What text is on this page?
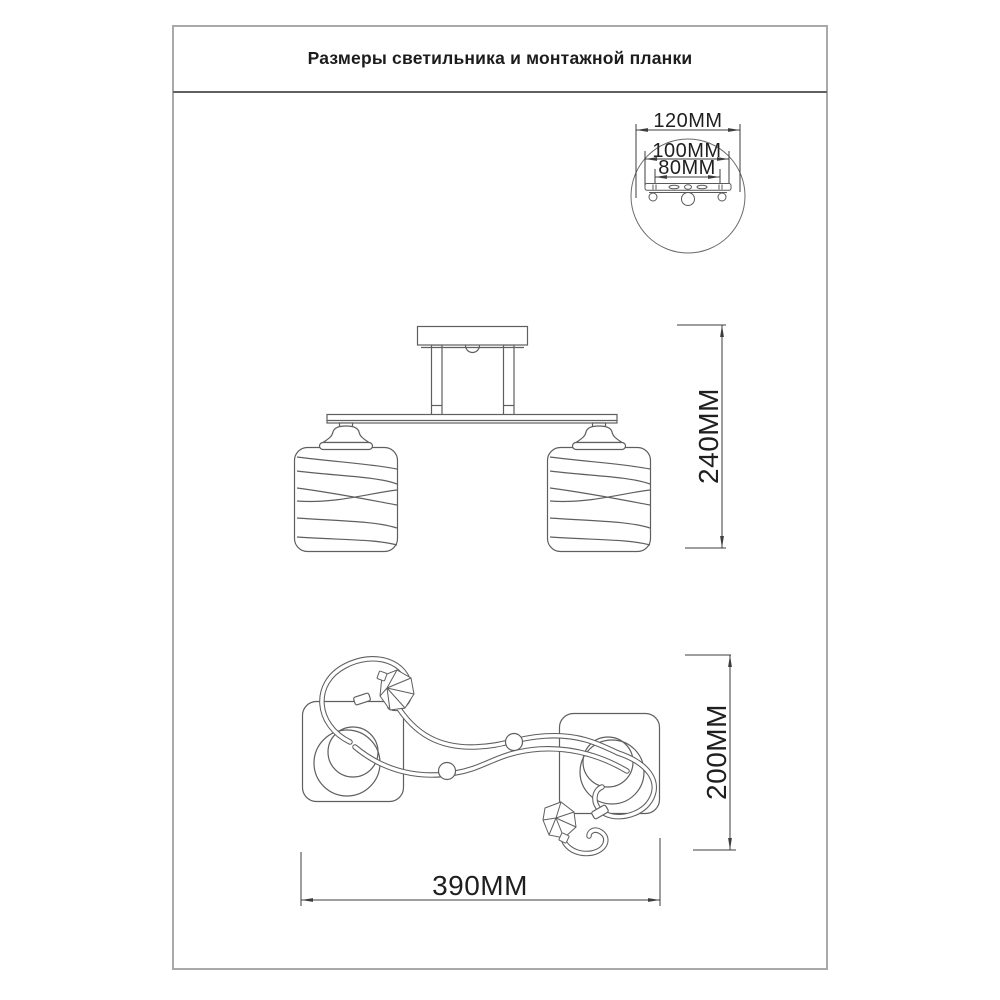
Размеры светильника и монтажной планки
120MM
100MM
80MM
240MM
200MM
390MM
